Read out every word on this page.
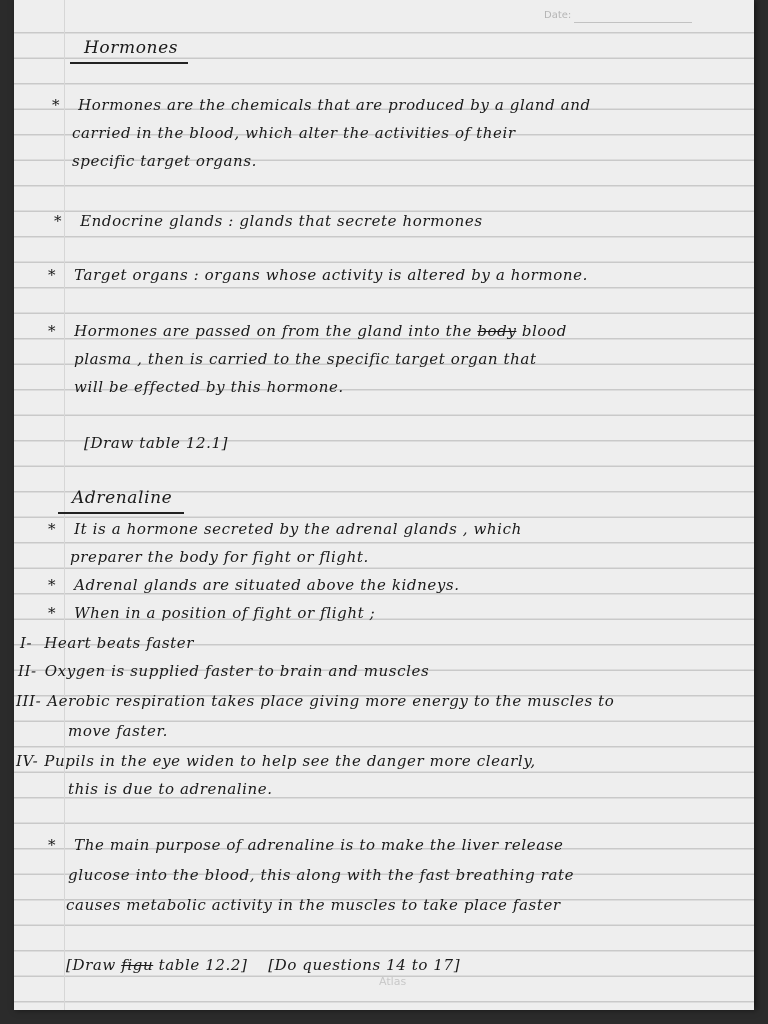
Date:
Hormones
* Hormones are the chemicals that are produced by a gland and
carried in the blood, which alter the activities of their
specific target organs.
* Endocrine glands : glands that secrete hormones
* Target organs : organs whose activity is altered by a hormone.
* Hormones are passed on from the gland into the body blood
plasma , then is carried to the specific target organ that
will be effected by this hormone.
[Draw table 12.1]
Adrenaline
* It is a hormone secreted by the adrenal glands , which
preparer the body for fight or flight.
* Adrenal glands are situated above the kidneys.
* When in a position of fight or flight ;
I- Heart beats faster
II- Oxygen is supplied faster to brain and muscles
III- Aerobic respiration takes place giving more energy to the muscles to
move faster.
IV- Pupils in the eye widen to help see the danger more clearly,
this is due to adrenaline.
* The main purpose of adrenaline is to make the liver release
glucose into the blood, this along with the fast breathing rate
causes metabolic activity in the muscles to take place faster
[Draw figu table 12.2] [Do questions 14 to 17]
Atlas
